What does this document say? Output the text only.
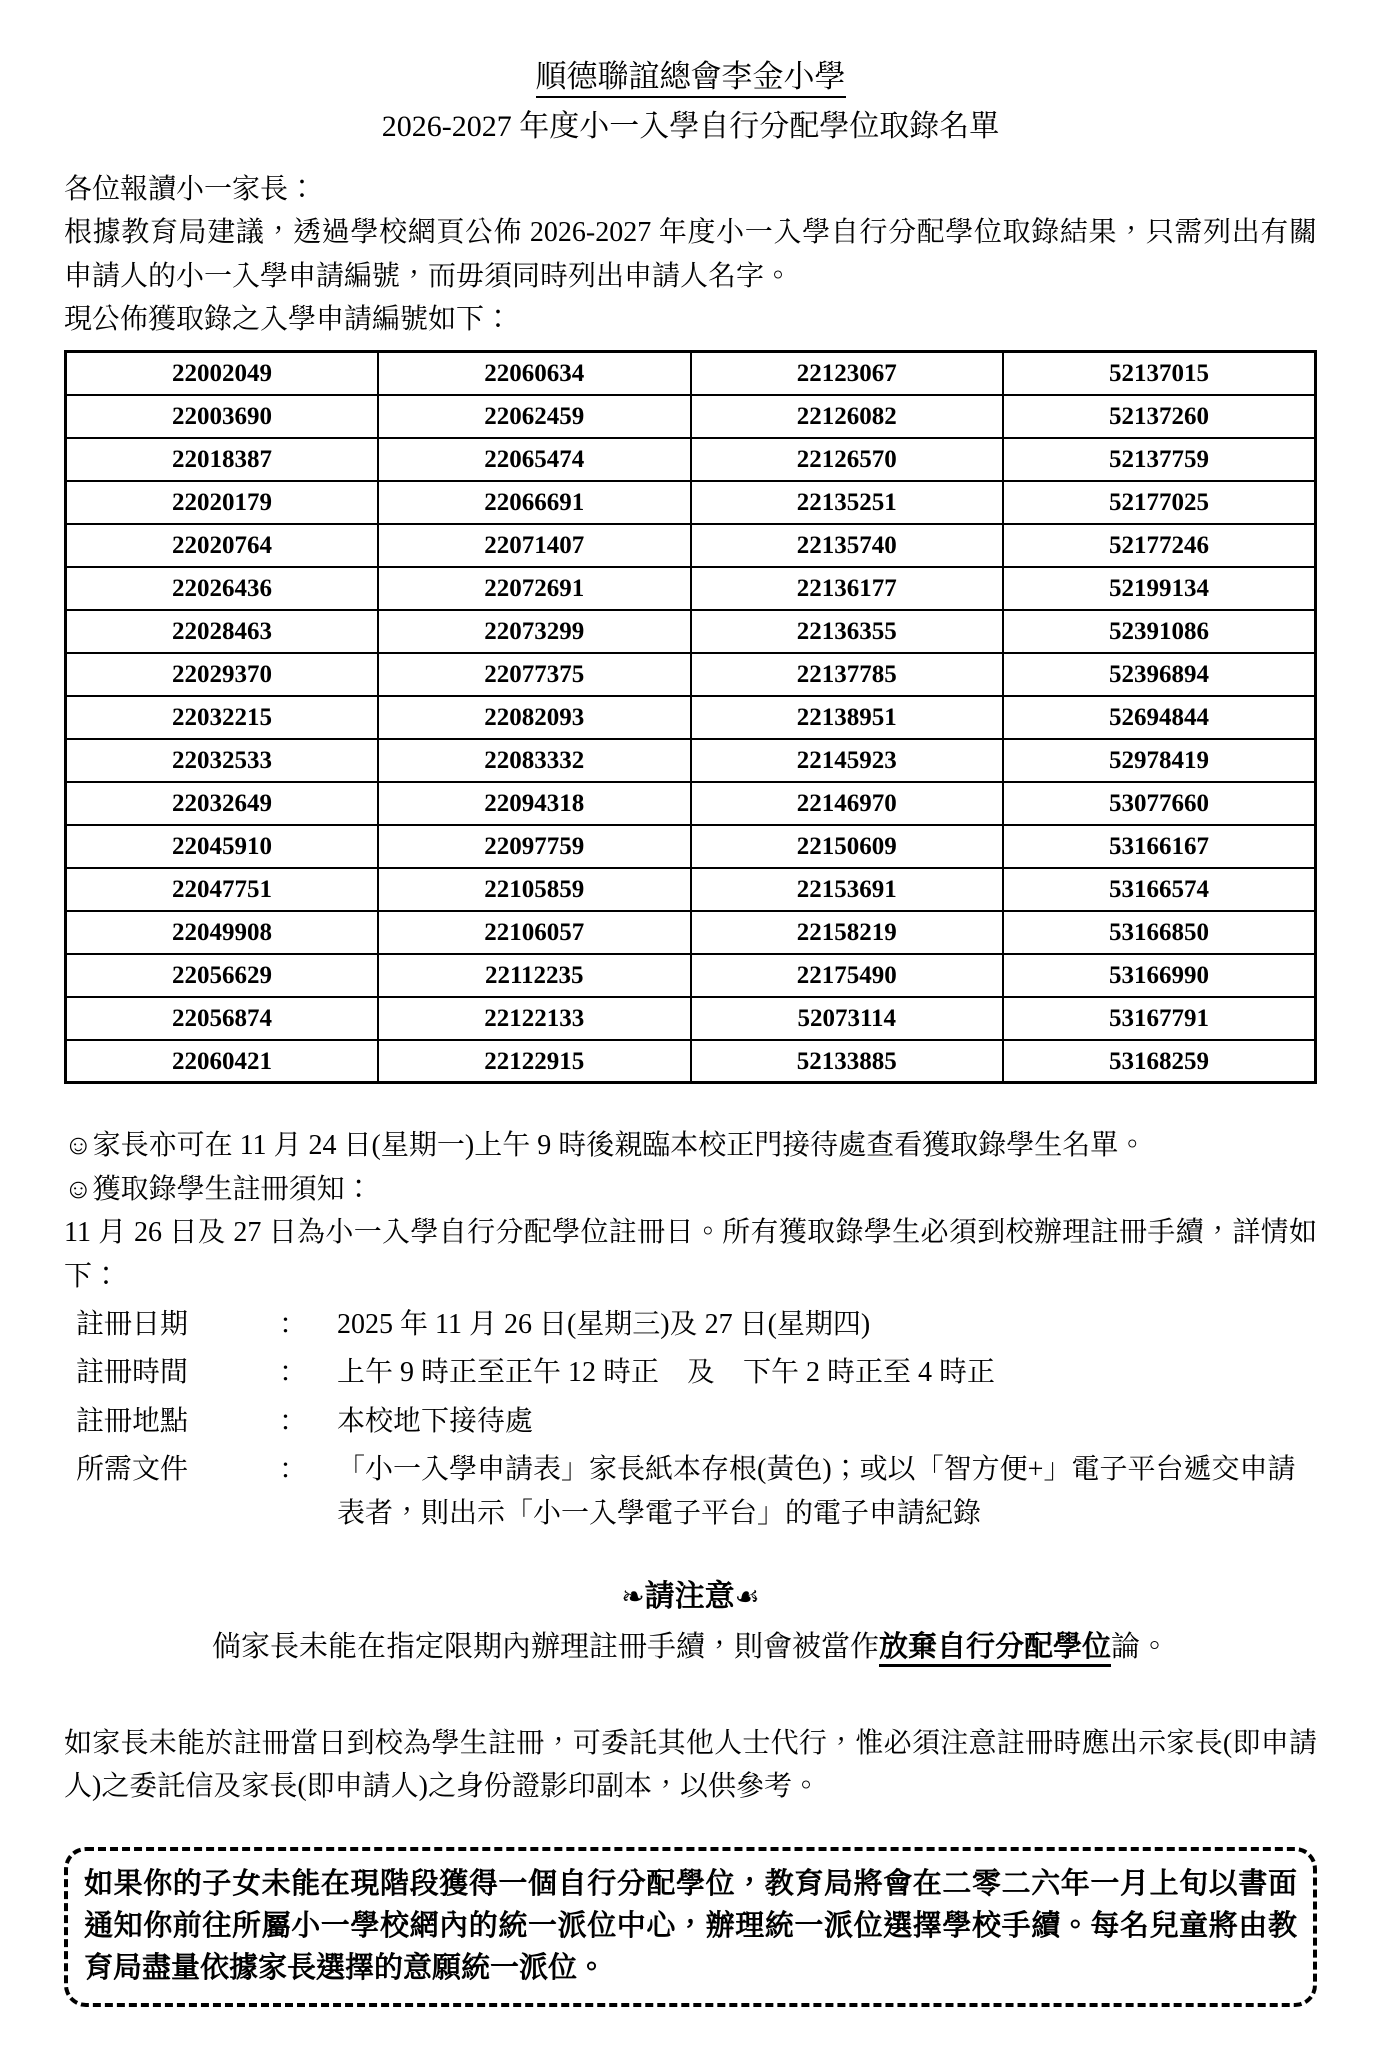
順德聯誼總會李金小學
2026-2027 年度小一入學自行分配學位取錄名單

各位報讀小一家長：

根據教育局建議，透過學校網頁公佈 2026-2027 年度小一入學自行分配學位取錄結果，只需列出有關申請人的小一入學申請編號，而毋須同時列出申請人名字。

現公佈獲取錄之入學申請編號如下：

22002049	22060634	22123067	52137015
22003690	22062459	22126082	52137260
22018387	22065474	22126570	52137759
22020179	22066691	22135251	52177025
22020764	22071407	22135740	52177246
22026436	22072691	22136177	52199134
22028463	22073299	22136355	52391086
22029370	22077375	22137785	52396894
22032215	22082093	22138951	52694844
22032533	22083332	22145923	52978419
22032649	22094318	22146970	53077660
22045910	22097759	22150609	53166167
22047751	22105859	22153691	53166574
22049908	22106057	22158219	53166850
22056629	22112235	22175490	53166990
22056874	22122133	52073114	53167791
22060421	22122915	52133885	53168259

☺家長亦可在 11 月 24 日(星期一)上午 9 時後親臨本校正門接待處查看獲取錄學生名單。

☺獲取錄學生註冊須知：

11 月 26 日及 27 日為小一入學自行分配學位註冊日。所有獲取錄學生必須到校辦理註冊手續，詳情如下：

註冊日期	：	2025 年 11 月 26 日(星期三)及 27 日(星期四)
註冊時間	：	上午 9 時正至正午 12 時正　及　下午 2 時正至 4 時正
註冊地點	：	本校地下接待處
所需文件	：	「小一入學申請表」家長紙本存根(黃色)；或以「智方便+」電子平台遞交申請表者，則出示「小一入學電子平台」的電子申請紀錄
❧請注意☙

倘家長未能在指定限期內辦理註冊手續，則會被當作放棄自行分配學位論。

如家長未能於註冊當日到校為學生註冊，可委託其他人士代行，惟必須注意註冊時應出示家長(即申請人)之委託信及家長(即申請人)之身份證影印副本，以供參考。

如果你的子女未能在現階段獲得一個自行分配學位，教育局將會在二零二六年一月上旬以書面通知你前往所屬小一學校網內的統一派位中心，辦理統一派位選擇學校手續。每名兒童將由教育局盡量依據家長選擇的意願統一派位。
